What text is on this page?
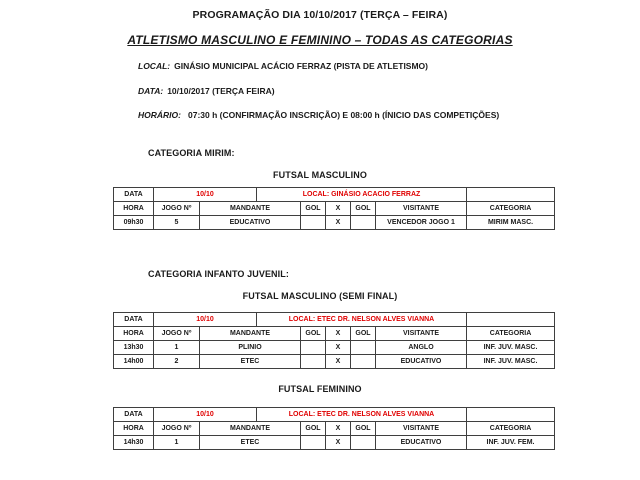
PROGRAMAÇÃO DIA 10/10/2017 (TERÇA – FEIRA)
ATLETISMO MASCULINO E FEMININO – TODAS AS CATEGORIAS
LOCAL: GINÁSIO MUNICIPAL ACÁCIO FERRAZ (PISTA DE ATLETISMO)
DATA: 10/10/2017 (TERÇA FEIRA)
HORÁRIO: 07:30 h (CONFIRMAÇÃO INSCRIÇÃO) E 08:00 h (ÍNICIO DAS COMPETIÇÕES)
CATEGORIA MIRIM:
FUTSAL MASCULINO
DATA	10/10		LOCAL: GINÁSIO ACACIO FERRAZ					
HORA	JOGO Nº	MANDANTE		GOL	X	GOL	VISITANTE	CATEGORIA
09h30	5	EDUCATIVO			X		VENCEDOR JOGO 1	MIRIM MASC.
CATEGORIA INFANTO JUVENIL:
FUTSAL MASCULINO (SEMI FINAL)
DATA	10/10		LOCAL: ETEC DR. NELSON ALVES VIANNA					
HORA	JOGO Nº	MANDANTE		GOL	X	GOL	VISITANTE	CATEGORIA
13h30	1	PLINIO			X		ANGLO	INF. JUV. MASC.
14h00	2	ETEC			X		EDUCATIVO	INF. JUV. MASC.
FUTSAL FEMININO
DATA	10/10		LOCAL: ETEC DR. NELSON ALVES VIANNA					
HORA	JOGO Nº	MANDANTE		GOL	X	GOL	VISITANTE	CATEGORIA
14h30	1	ETEC			X		EDUCATIVO	INF. JUV. FEM.
